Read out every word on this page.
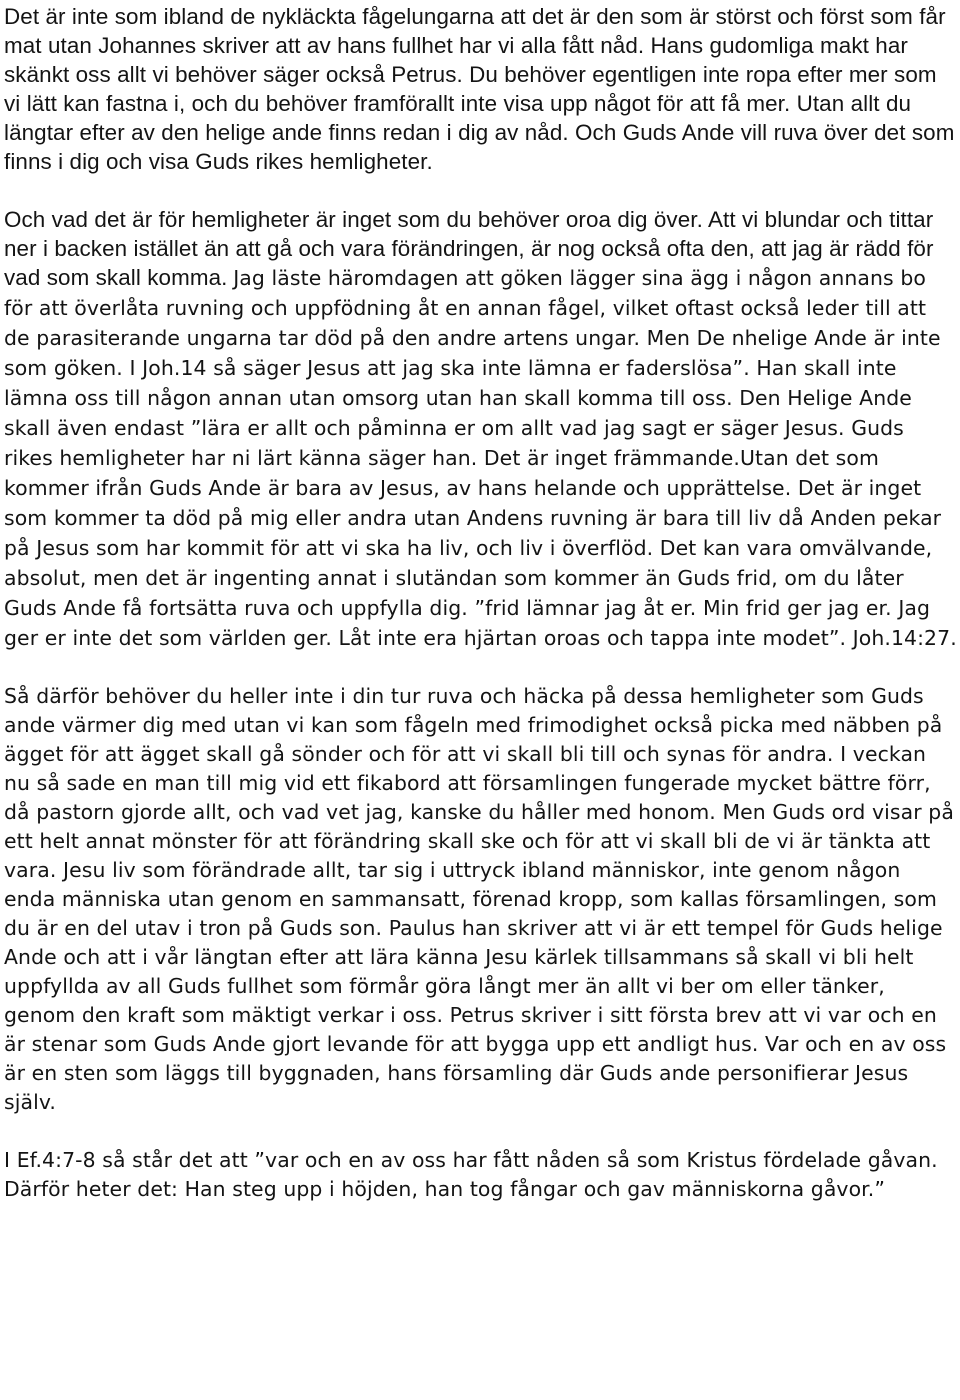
Det är inte som ibland de nykläckta fågelungarna att det är den som är störst och först som får mat utan Johannes skriver att av hans fullhet har vi alla fått nåd. Hans gudomliga makt har skänkt oss allt vi behöver säger också Petrus. Du behöver egentligen inte ropa efter mer som vi lätt kan fastna i, och du behöver framförallt inte visa upp något för att få mer. Utan allt du längtar efter av den helige ande finns redan i dig av nåd. Och Guds Ande vill ruva över det som finns i dig och visa Guds rikes hemligheter.

Och vad det är för hemligheter är inget som du behöver oroa dig över. Att vi blundar och tittar ner i backen istället än att gå och vara förändringen, är nog också ofta den, att jag är rädd för vad som skall komma. Jag läste häromdagen att göken lägger sina ägg i någon annans bo för att överlåta ruvning och uppfödning åt en annan fågel, vilket oftast också leder till att de parasiterande ungarna tar död på den andre artens ungar. Men De nhelige Ande är inte som göken. I Joh.14 så säger Jesus att jag ska inte lämna er faderslösa”. Han skall inte lämna oss till någon annan utan omsorg utan han skall komma till oss. Den Helige Ande skall även endast ”lära er allt och påminna er om allt vad jag sagt er säger Jesus. Guds rikes hemligheter har ni lärt känna säger han. Det är inget främmande.Utan det som kommer ifrån Guds Ande är bara av Jesus, av hans helande och upprättelse. Det är inget som kommer ta död på mig eller andra utan Andens ruvning är bara till liv då Anden pekar på Jesus som har kommit för att vi ska ha liv, och liv i överflöd. Det kan vara omvälvande, absolut, men det är ingenting annat i slutändan som kommer än Guds frid, om du låter Guds Ande få fortsätta ruva och uppfylla dig. ”frid lämnar jag åt er. Min frid ger jag er. Jag ger er inte det som världen ger. Låt inte era hjärtan oroas och tappa inte modet”. Joh.14:27.

Så därför behöver du heller inte i din tur ruva och häcka på dessa hemligheter som Guds ande värmer dig med utan vi kan som fågeln med frimodighet också picka med näbben på ägget för att ägget skall gå sönder och för att vi skall bli till och synas för andra. I veckan nu så sade en man till mig vid ett fikabord att församlingen fungerade mycket bättre förr, då pastorn gjorde allt, och vad vet jag, kanske du håller med honom. Men Guds ord visar på ett helt annat mönster för att förändring skall ske och för att vi skall bli de vi är tänkta att vara. Jesu liv som förändrade allt, tar sig i uttryck ibland människor, inte genom någon enda människa utan genom en sammansatt, förenad kropp, som kallas församlingen, som du är en del utav i tron på Guds son. Paulus han skriver att vi är ett tempel för Guds helige Ande och att i vår längtan efter att lära känna Jesu kärlek tillsammans så skall vi bli helt uppfyllda av all Guds fullhet som förmår göra långt mer än allt vi ber om eller tänker, genom den kraft som mäktigt verkar i oss. Petrus skriver i sitt första brev att vi var och en är stenar som Guds Ande gjort levande för att bygga upp ett andligt hus. Var och en av oss är en sten som läggs till byggnaden, hans församling där Guds ande personifierar Jesus själv.

I Ef.4:7-8 så står det att ”var och en av oss har fått nåden så som Kristus fördelade gåvan. Därför heter det: Han steg upp i höjden, han tog fångar och gav människorna gåvor.”
